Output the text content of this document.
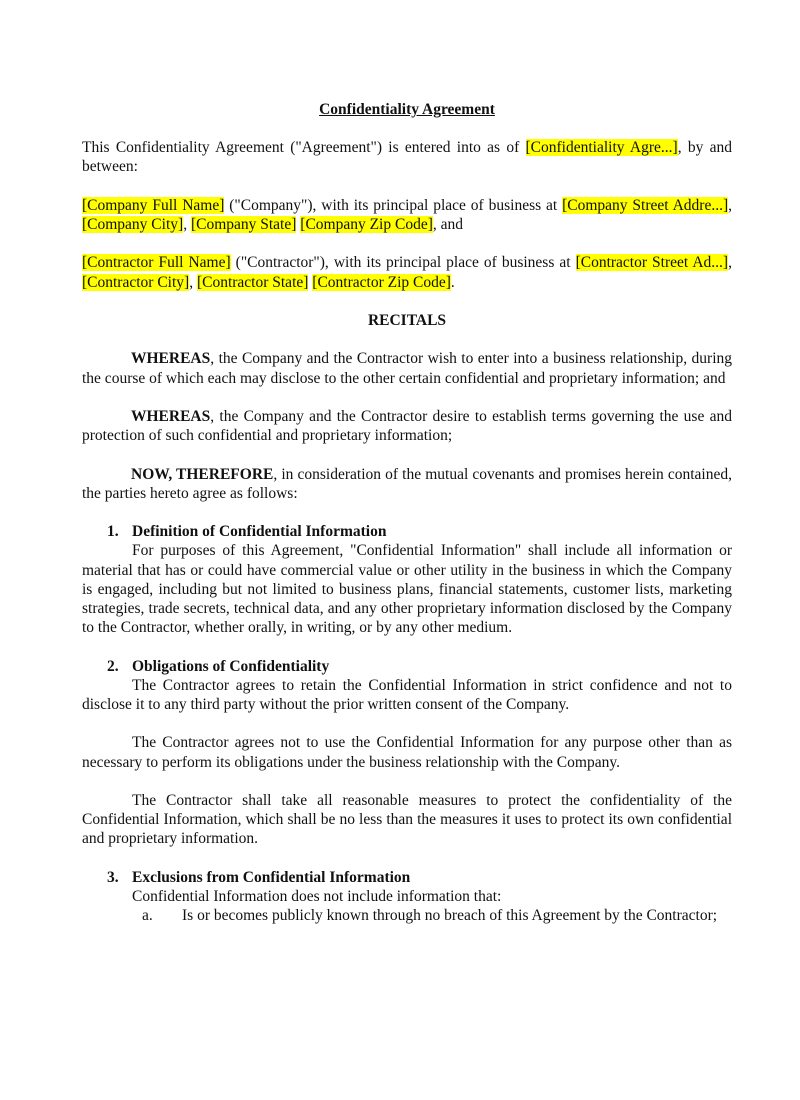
Confidentiality Agreement

This Confidentiality Agreement ("Agreement") is entered into as of [Confidentiality Agre...], by and between:

[Company Full Name] ("Company"), with its principal place of business at [Company Street Addre...], [Company City], [Company State] [Company Zip Code], and

[Contractor Full Name] ("Contractor"), with its principal place of business at [Contractor Street Ad...], [Contractor City], [Contractor State] [Contractor Zip Code].

RECITALS

WHEREAS, the Company and the Contractor wish to enter into a business relationship, during the course of which each may disclose to the other certain confidential and proprietary information; and

WHEREAS, the Company and the Contractor desire to establish terms governing the use and protection of such confidential and proprietary information;

NOW, THEREFORE, in consideration of the mutual covenants and promises herein contained, the parties hereto agree as follows:

1. Definition of Confidential Information

For purposes of this Agreement, "Confidential Information" shall include all information or material that has or could have commercial value or other utility in the business in which the Company is engaged, including but not limited to business plans, financial statements, customer lists, marketing strategies, trade secrets, technical data, and any other proprietary information disclosed by the Company to the Contractor, whether orally, in writing, or by any other medium.

2. Obligations of Confidentiality

The Contractor agrees to retain the Confidential Information in strict confidence and not to disclose it to any third party without the prior written consent of the Company.

The Contractor agrees not to use the Confidential Information for any purpose other than as necessary to perform its obligations under the business relationship with the Company.

The Contractor shall take all reasonable measures to protect the confidentiality of the Confidential Information, which shall be no less than the measures it uses to protect its own confidential and proprietary information.

3. Exclusions from Confidential Information

Confidential Information does not include information that:

a.	Is or becomes publicly known through no breach of this Agreement by the Contractor;
